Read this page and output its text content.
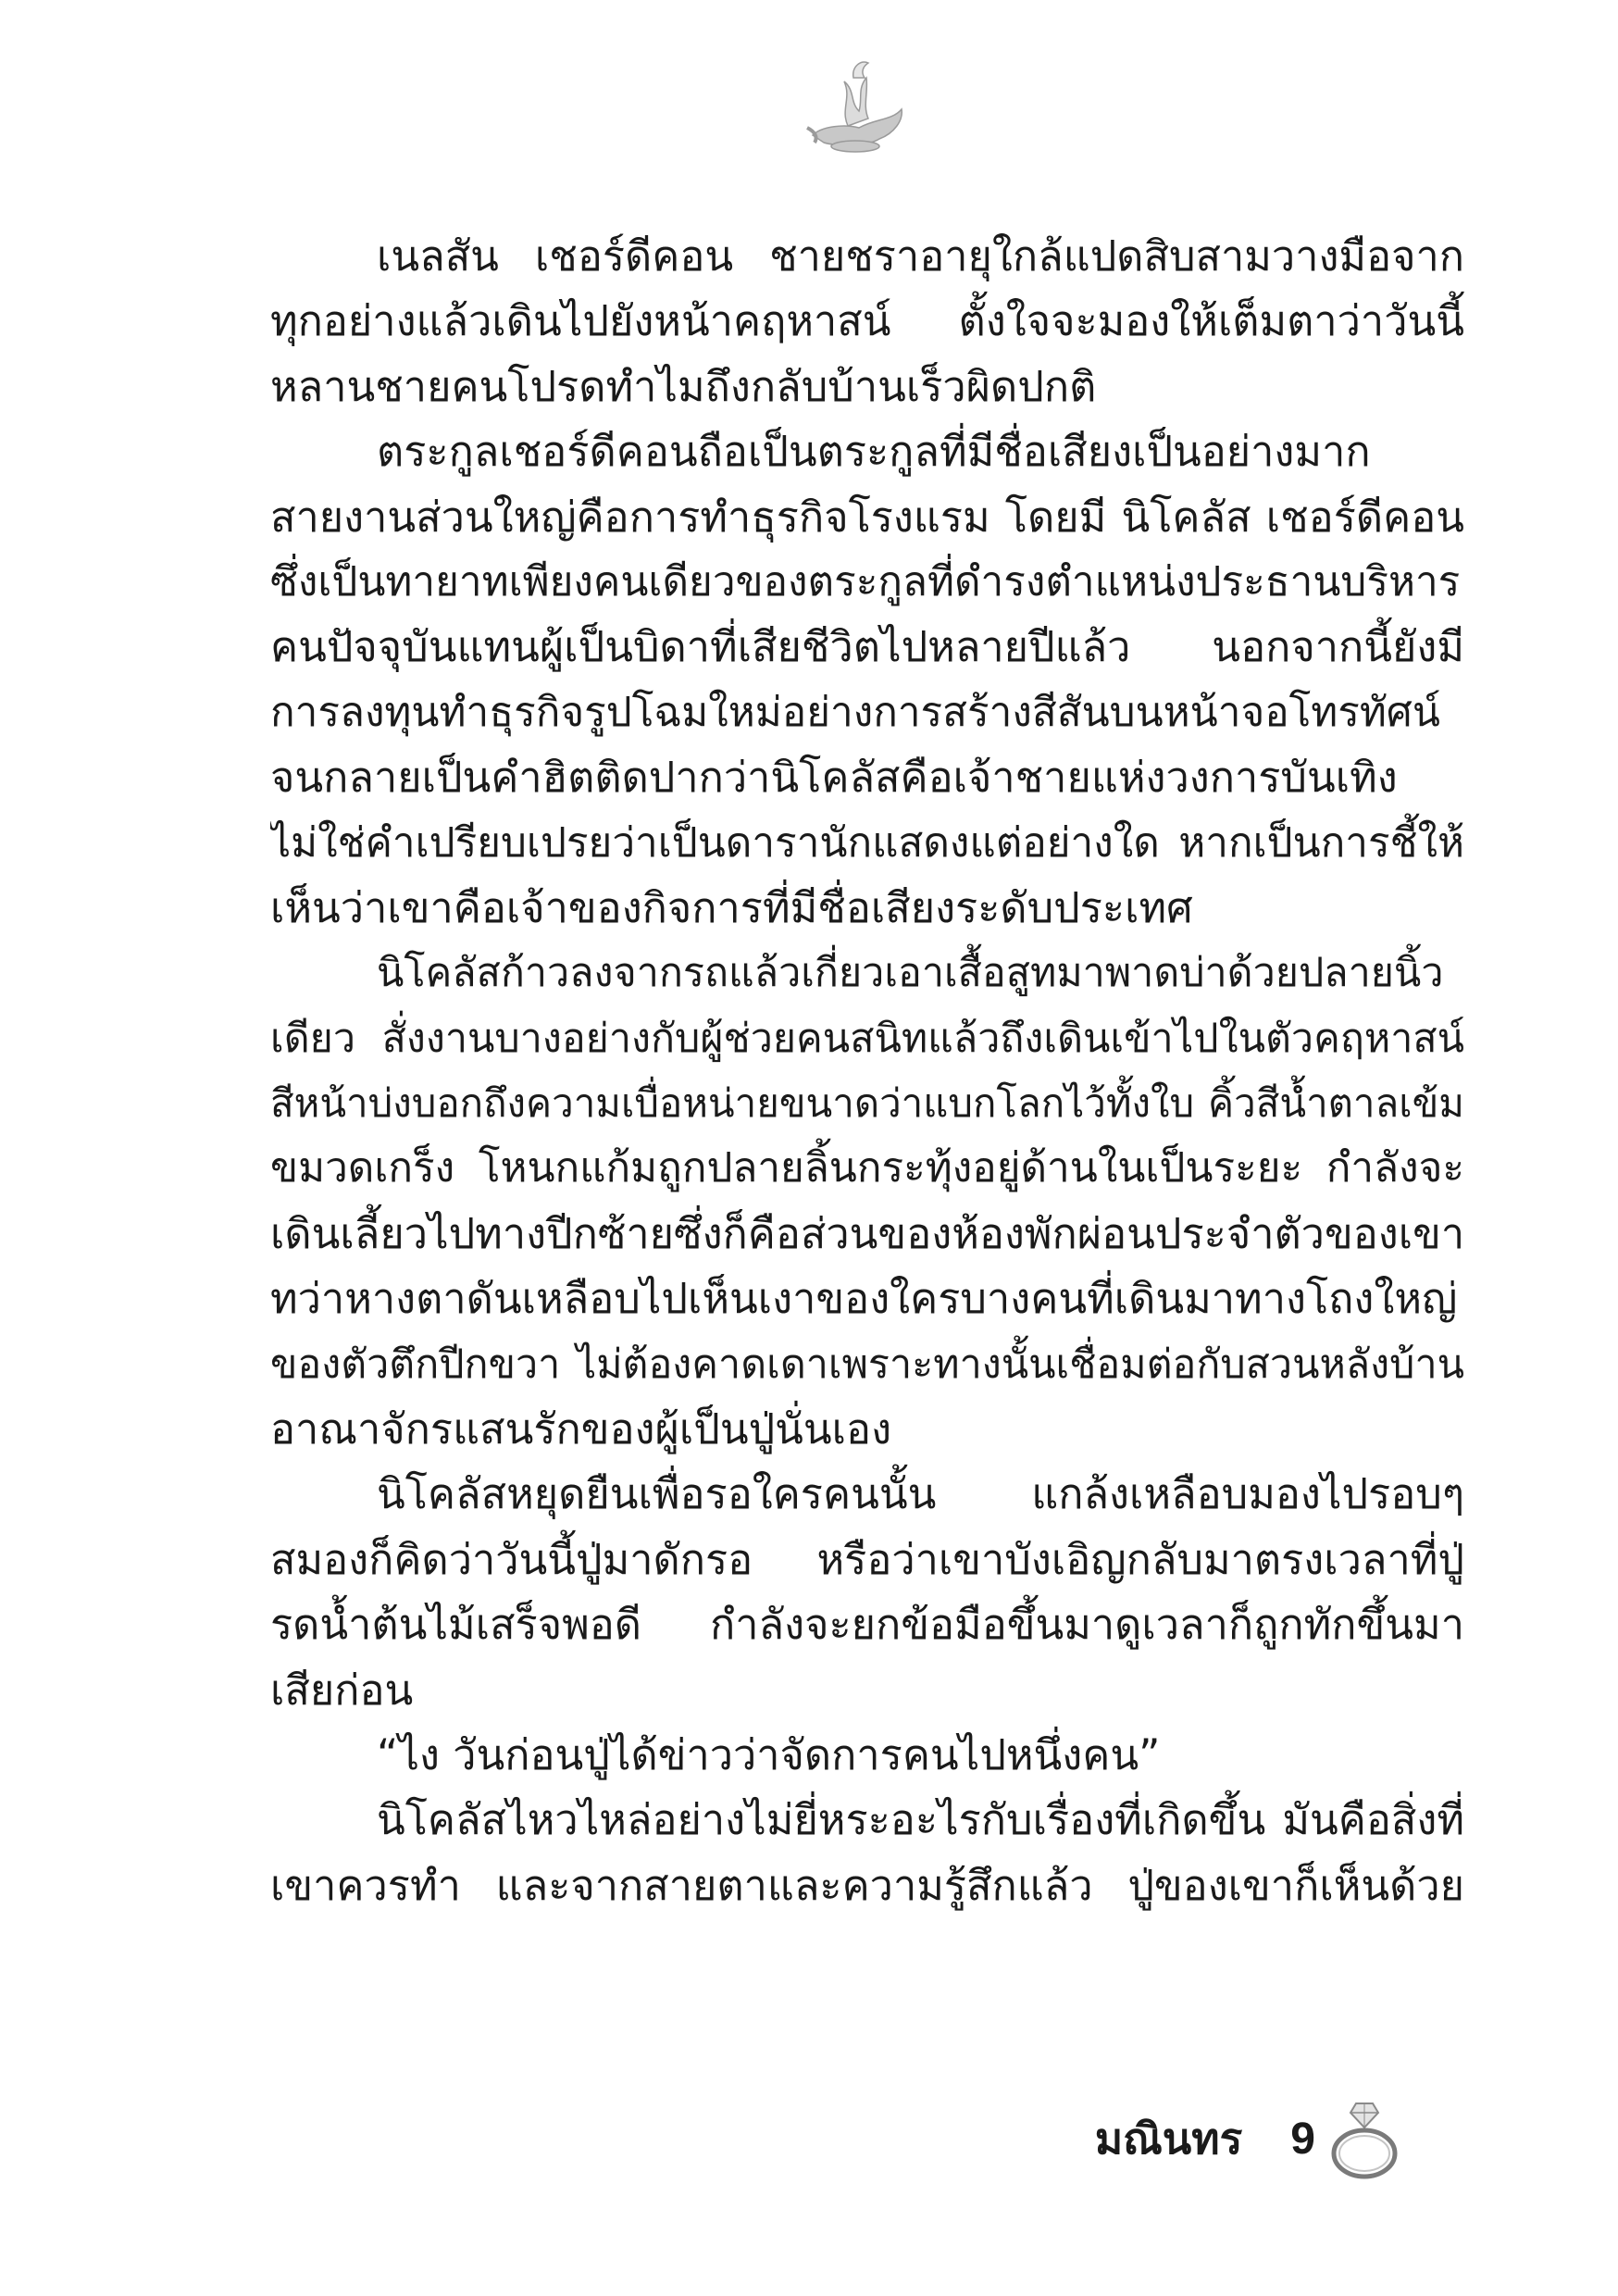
เนลสัน เชอร์ดีคอน ชายชราอายุใกล้แปดสิบสามวางมือจาก
ทุกอย่างแล้วเดินไปยังหน้าคฤหาสน์ ตั้งใจจะมองให้เต็มตาว่าวันนี้
หลานชายคนโปรดทำไมถึงกลับบ้านเร็วผิดปกติ
ตระกูลเชอร์ดีคอนถือเป็นตระกูลที่มีชื่อเสียงเป็นอย่างมาก
สายงานส่วนใหญ่คือการทำธุรกิจโรงแรม โดยมี นิโคลัส เชอร์ดีคอน
ซึ่งเป็นทายาทเพียงคนเดียวของตระกูลที่ดำรงตำแหน่งประธานบริหาร
คนปัจจุบันแทนผู้เป็นบิดาที่เสียชีวิตไปหลายปีแล้ว นอกจากนี้ยังมี
การลงทุนทำธุรกิจรูปโฉมใหม่อย่างการสร้างสีสันบนหน้าจอโทรทัศน์
จนกลายเป็นคำฮิตติดปากว่านิโคลัสคือเจ้าชายแห่งวงการบันเทิง
ไม่ใช่คำเปรียบเปรยว่าเป็นดารานักแสดงแต่อย่างใด หากเป็นการชี้ให้
เห็นว่าเขาคือเจ้าของกิจการที่มีชื่อเสียงระดับประเทศ
นิโคลัสก้าวลงจากรถแล้วเกี่ยวเอาเสื้อสูทมาพาดบ่าด้วยปลายนิ้ว
เดียว สั่งงานบางอย่างกับผู้ช่วยคนสนิทแล้วถึงเดินเข้าไปในตัวคฤหาสน์
สีหน้าบ่งบอกถึงความเบื่อหน่ายขนาดว่าแบกโลกไว้ทั้งใบ คิ้วสีน้ำตาลเข้ม
ขมวดเกร็ง โหนกแก้มถูกปลายลิ้นกระทุ้งอยู่ด้านในเป็นระยะ กำลังจะ
เดินเลี้ยวไปทางปีกซ้ายซึ่งก็คือส่วนของห้องพักผ่อนประจำตัวของเขา
ทว่าหางตาดันเหลือบไปเห็นเงาของใครบางคนที่เดินมาทางโถงใหญ่
ของตัวตึกปีกขวา ไม่ต้องคาดเดาเพราะทางนั้นเชื่อมต่อกับสวนหลังบ้าน
อาณาจักรแสนรักของผู้เป็นปู่นั่นเอง
นิโคลัสหยุดยืนเพื่อรอใครคนนั้น แกล้งเหลือบมองไปรอบๆ
สมองก็คิดว่าวันนี้ปู่มาดักรอ หรือว่าเขาบังเอิญกลับมาตรงเวลาที่ปู่
รดน้ำต้นไม้เสร็จพอดี กำลังจะยกข้อมือขึ้นมาดูเวลาก็ถูกทักขึ้นมา
เสียก่อน
“ไง วันก่อนปู่ได้ข่าวว่าจัดการคนไปหนึ่งคน”
นิโคลัสไหวไหล่อย่างไม่ยี่หระอะไรกับเรื่องที่เกิดขึ้น มันคือสิ่งที่
เขาควรทำ และจากสายตาและความรู้สึกแล้ว ปู่ของเขาก็เห็นด้วย
มณินทร 9
